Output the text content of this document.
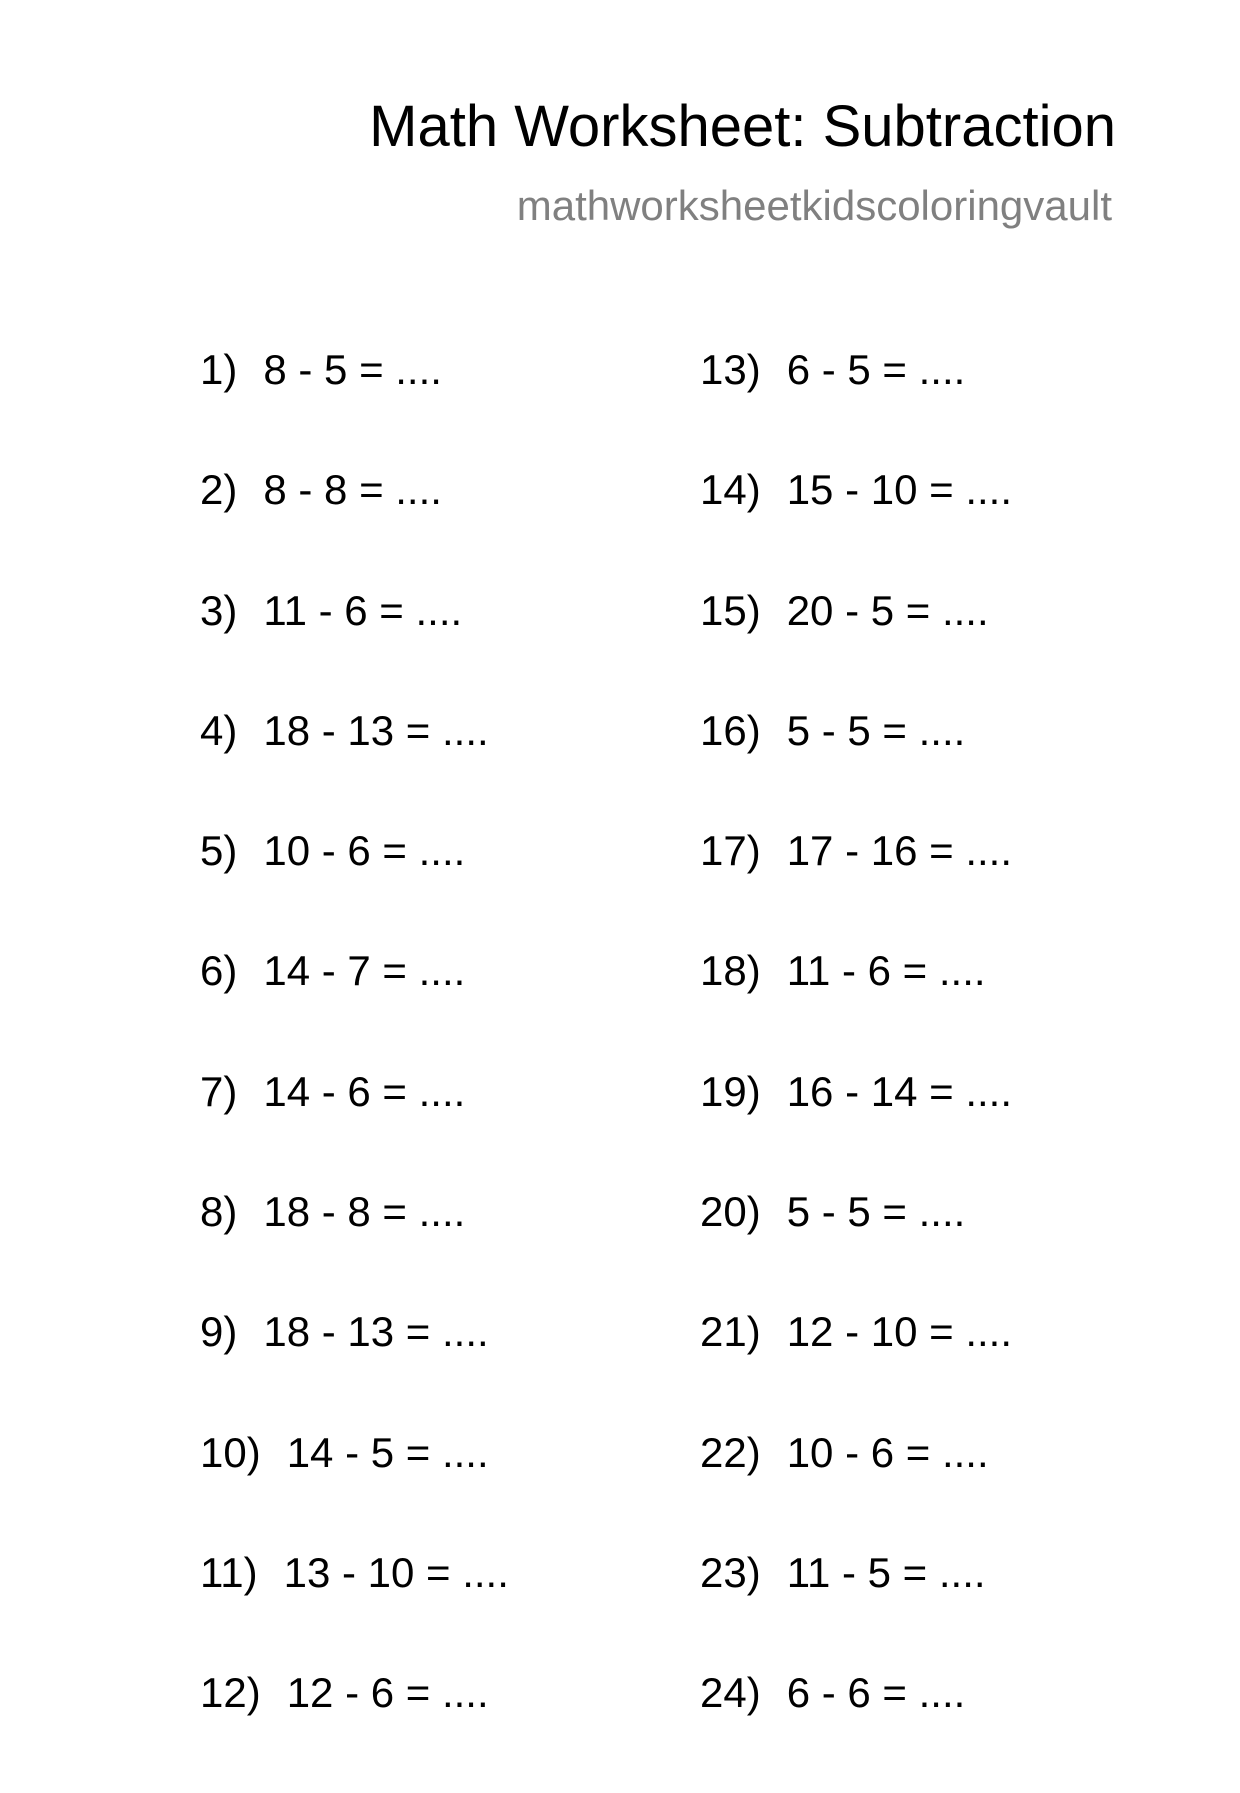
Math Worksheet: Subtraction
mathworksheetkidscoloringvault
1) 8 - 5 = ....
2) 8 - 8 = ....
3) 11 - 6 = ....
4) 18 - 13 = ....
5) 10 - 6 = ....
6) 14 - 7 = ....
7) 14 - 6 = ....
8) 18 - 8 = ....
9) 18 - 13 = ....
10) 14 - 5 = ....
11) 13 - 10 = ....
12) 12 - 6 = ....
13) 6 - 5 = ....
14) 15 - 10 = ....
15) 20 - 5 = ....
16) 5 - 5 = ....
17) 17 - 16 = ....
18) 11 - 6 = ....
19) 16 - 14 = ....
20) 5 - 5 = ....
21) 12 - 10 = ....
22) 10 - 6 = ....
23) 11 - 5 = ....
24) 6 - 6 = ....
